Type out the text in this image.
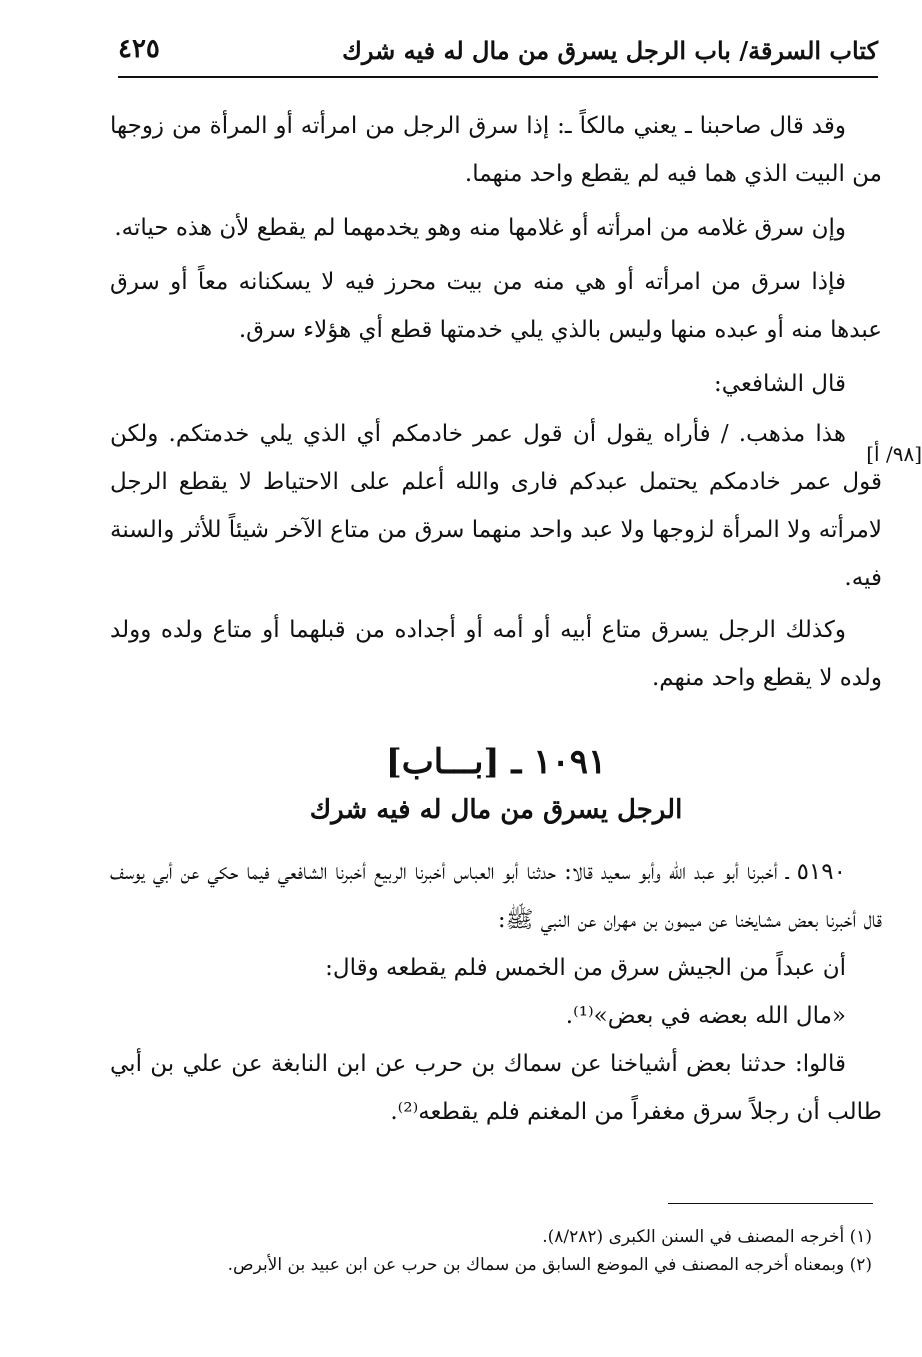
كتاب السرقة/ باب الرجل يسرق من مال له فيه شرك
٤٢٥

وقد قال صاحبنا ـ يعني مالكاً ـ: إذا سرق الرجل من امرأته أو المرأة من زوجها من البيت الذي هما فيه لم يقطع واحد منهما.

وإن سرق غلامه من امرأته أو غلامها منه وهو يخدمهما لم يقطع لأن هذه حياته.

فإذا سرق من امرأته أو هي منه من بيت محرز فيه لا يسكنانه معاً أو سرق عبدها منه أو عبده منها وليس بالذي يلي خدمتها قطع أي هؤلاء سرق.

قال الشافعي:

هذا مذهب. / فأراه يقول أن قول عمر خادمكم أي الذي يلي خدمتكم. ولكن قول عمر خادمكم يحتمل عبدكم فارى والله أعلم على الاحتياط لا يقطع الرجل لامرأته ولا المرأة لزوجها ولا عبد واحد منهما سرق من متاع الآخر شيئاً للأثر والسنة فيه.

وكذلك الرجل يسرق متاع أبيه أو أمه أو أجداده من قبلهما أو متاع ولده وولد ولده لا يقطع واحد منهم.

[٩٨/ أ]
١٠٩١ ـ [بـــاب]
الرجل يسرق من مال له فيه شرك

٥١٩٠ ـ أخبرنا أبو عبد الله وأبو سعيد قالا: حدثنا أبو العباس أخبرنا الربيع أخبرنا الشافعي فيما حكي عن أبي يوسف قال أخبرنا بعض مشايخنا عن ميمون بن مهران عن النبي ﷺ:

أن عبداً من الجيش سرق من الخمس فلم يقطعه وقال:

«مال الله بعضه في بعض»⁽¹⁾.

قالوا: حدثنا بعض أشياخنا عن سماك بن حرب عن ابن النابغة عن علي بن أبي طالب أن رجلاً سرق مغفراً من المغنم فلم يقطعه⁽²⁾.

(١) أخرجه المصنف في السنن الكبرى (٨/٢٨٢).
(٢) وبمعناه أخرجه المصنف في الموضع السابق من سماك بن حرب عن ابن عبيد بن الأبرص.
